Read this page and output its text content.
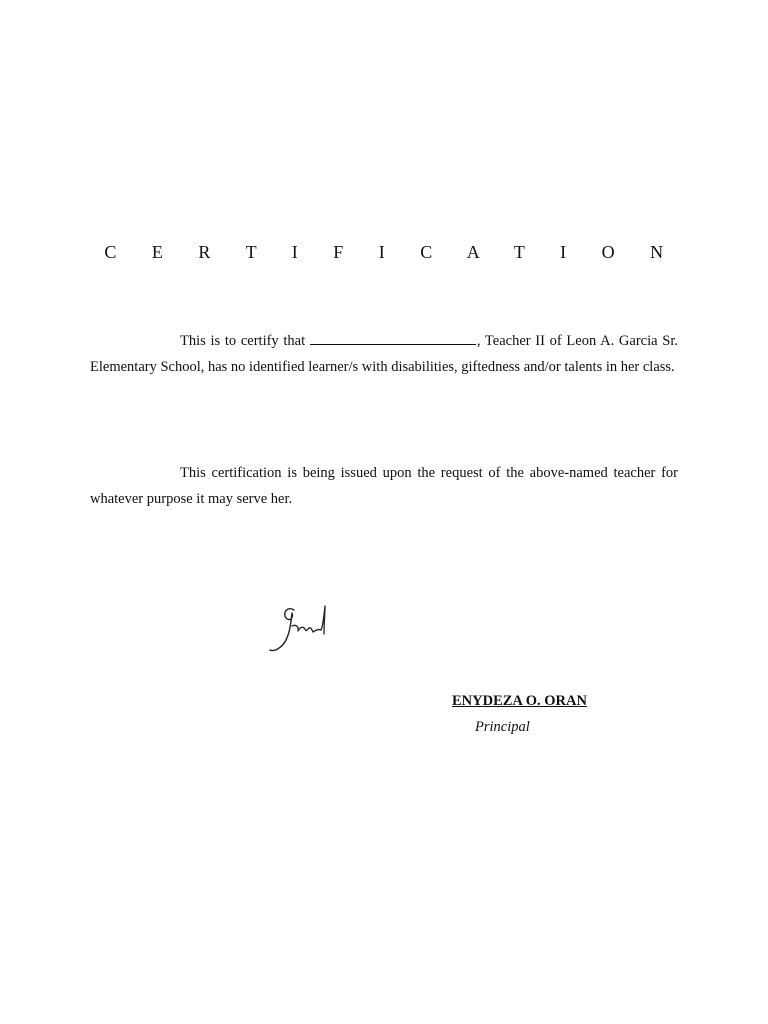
C E R T I F I C A T I O N

This is to certify that	, Teacher II of Leon A. Garcia Sr. Elementary School, has no identified learner/s with disabilities, giftedness and/or talents in her class.

This certification is being issued upon the request of the above-named teacher for whatever purpose it may serve her.

ENYDEZA O. ORAN
Principal
